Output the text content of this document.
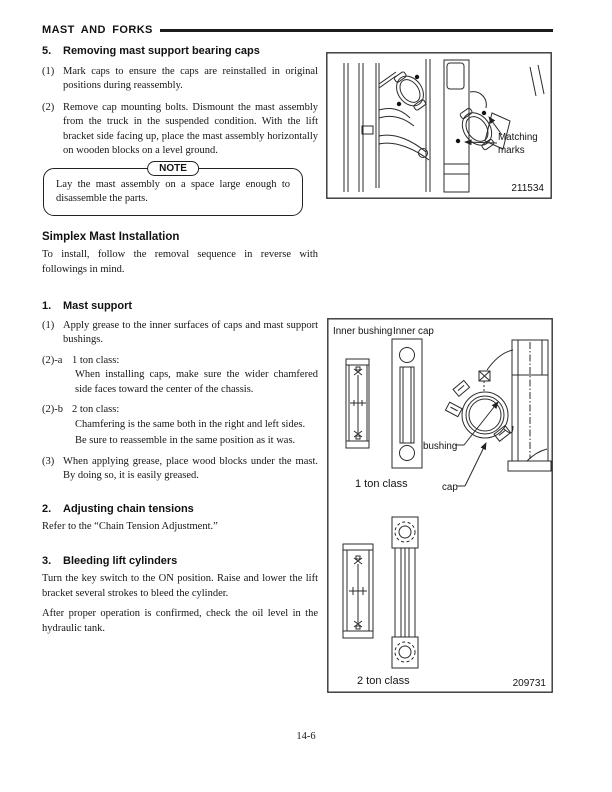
MAST AND FORKS
5. Removing mast support bearing caps
(1) Mark caps to ensure the caps are reinstalled in original positions during reassembly.
(2) Remove cap mounting bolts. Dismount the mast assembly from the truck in the suspended condition. With the lift bracket side facing up, place the mast assembly horizontally on wooden blocks on a level ground.
NOTE
Lay the mast assembly on a space large enough to disassemble the parts.
Simplex Mast Installation
To install, follow the removal sequence in reverse with followings in mind.
1. Mast support
(1) Apply grease to the inner surfaces of caps and mast support bushings.
(2)-a 1 ton class:
When installing caps, make sure the wider chamfered side faces toward the center of the chassis.
(2)-b 2 ton class:
Chamfering is the same both in the right and left sides.
Be sure to reassemble in the same position as it was.
(3) When applying grease, place wood blocks under the mast. By doing so, it is easily greased.
2. Adjusting chain tensions
Refer to the “Chain Tension Adjustment.”
3. Bleeding lift cylinders
Turn the key switch to the ON position. Raise and lower the lift bracket several strokes to bleed the cylinder.
After proper operation is confirmed, check the oil level in the hydraulic tank.
Matching
marks
211534
Inner bushing Inner cap
1 ton class
bushing
cap
2 ton class	209731
14-6
